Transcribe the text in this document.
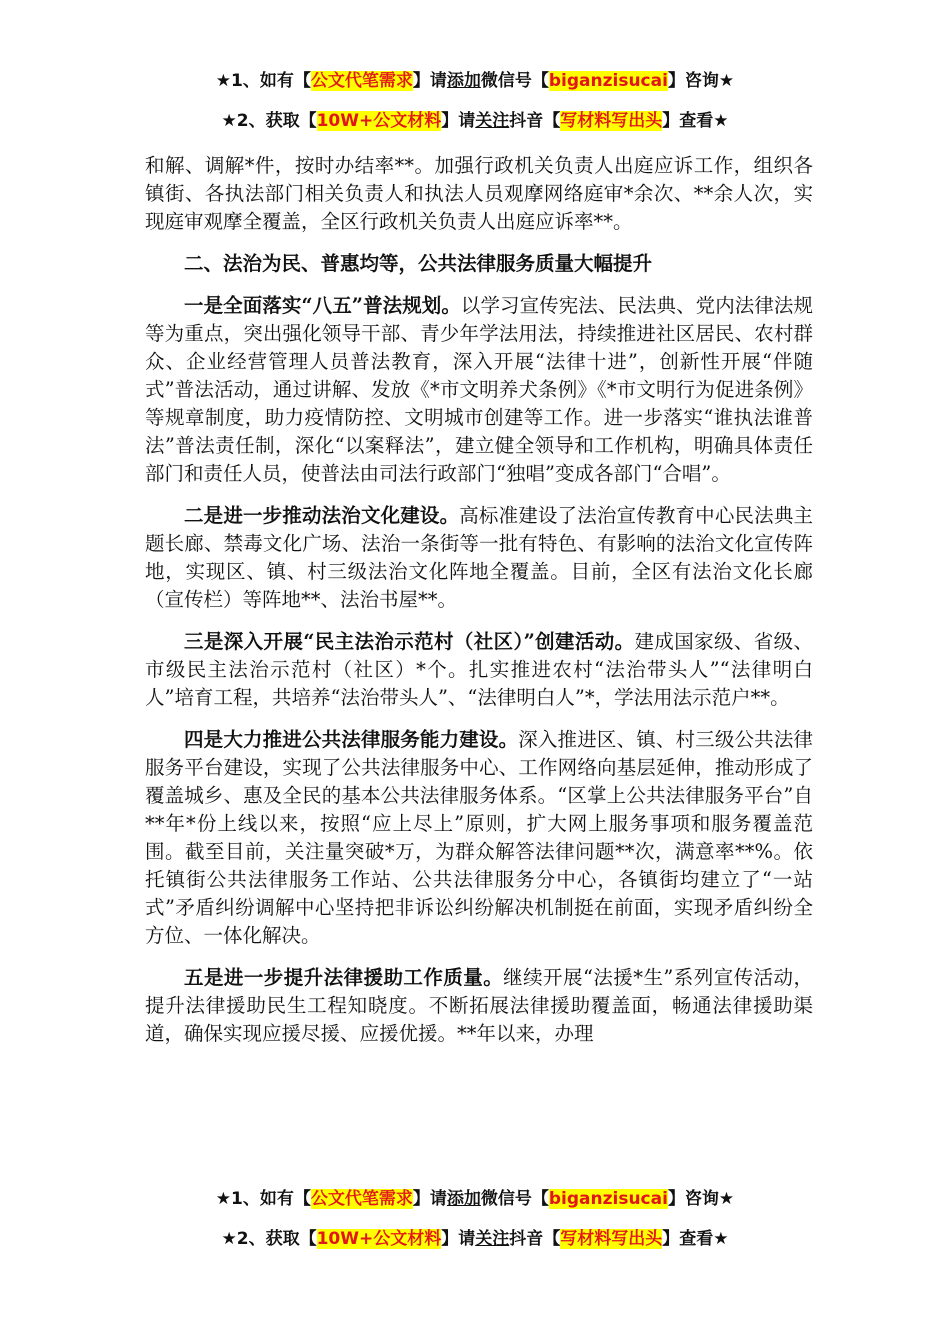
★1、如有【公文代笔需求】请添加微信号【biganzisucai】咨询★
★2、获取【10W+公文材料】请关注抖音【写材料写出头】查看★

和解、调解*件，按时办结率**。加强行政机关负责人出庭应诉工作，组织各镇街、各执法部门相关负责人和执法人员观摩网络庭审*余次、**余人次，实现庭审观摩全覆盖，全区行政机关负责人出庭应诉率**。

二、法治为民、普惠均等，公共法律服务质量大幅提升

一是全面落实“八五”普法规划。以学习宣传宪法、民法典、党内法律法规等为重点，突出强化领导干部、青少年学法用法，持续推进社区居民、农村群众、企业经营管理人员普法教育，深入开展“法律十进”，创新性开展“伴随式”普法活动，通过讲解、发放《*市文明养犬条例》《*市文明行为促进条例》等规章制度，助力疫情防控、文明城市创建等工作。进一步落实“谁执法谁普法”普法责任制，深化“以案释法”，建立健全领导和工作机构，明确具体责任部门和责任人员，使普法由司法行政部门“独唱”变成各部门“合唱”。

二是进一步推动法治文化建设。高标准建设了法治宣传教育中心民法典主题长廊、禁毒文化广场、法治一条街等一批有特色、有影响的法治文化宣传阵地，实现区、镇、村三级法治文化阵地全覆盖。目前，全区有法治文化长廊（宣传栏）等阵地**、法治书屋**。

三是深入开展“民主法治示范村（社区）”创建活动。建成国家级、省级、市级民主法治示范村（社区）*个。扎实推进农村“法治带头人”“法律明白人”培育工程，共培养“法治带头人”、“法律明白人”*，学法用法示范户**。

四是大力推进公共法律服务能力建设。深入推进区、镇、村三级公共法律服务平台建设，实现了公共法律服务中心、工作网络向基层延伸，推动形成了覆盖城乡、惠及全民的基本公共法律服务体系。“区掌上公共法律服务平台”自**年*份上线以来，按照“应上尽上”原则，扩大网上服务事项和服务覆盖范围。截至目前，关注量突破*万，为群众解答法律问题**次，满意率**%。依托镇街公共法律服务工作站、公共法律服务分中心，各镇街均建立了“一站式”矛盾纠纷调解中心坚持把非诉讼纠纷解决机制挺在前面，实现矛盾纠纷全方位、一体化解决。

五是进一步提升法律援助工作质量。继续开展“法援*生”系列宣传活动，提升法律援助民生工程知晓度。不断拓展法律援助覆盖面，畅通法律援助渠道，确保实现应援尽援、应援优援。**年以来，办理

★1、如有【公文代笔需求】请添加微信号【biganzisucai】咨询★
★2、获取【10W+公文材料】请关注抖音【写材料写出头】查看★
